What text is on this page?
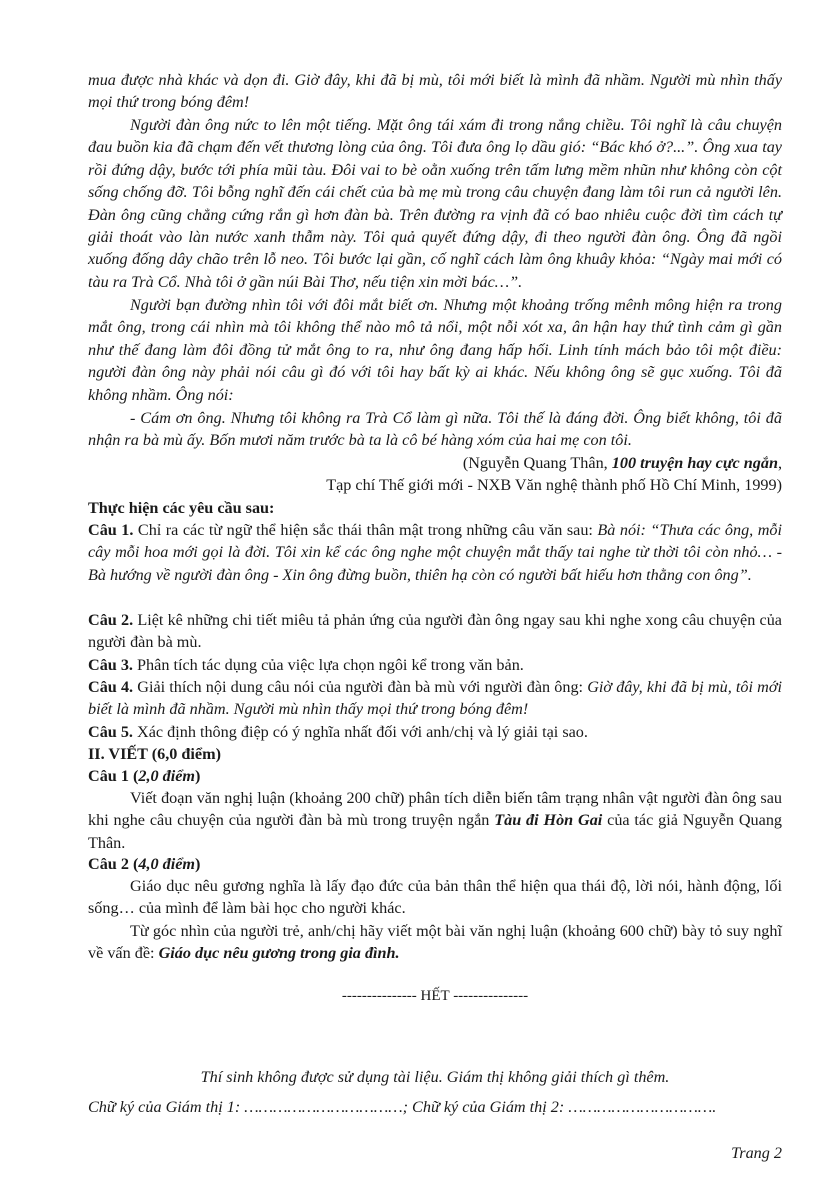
mua được nhà khác và dọn đi. Giờ đây, khi đã bị mù, tôi mới biết là mình đã nhầm. Người mù nhìn thấy mọi thứ trong bóng đêm!

Người đàn ông nức to lên một tiếng. Mặt ông tái xám đi trong nắng chiều. Tôi nghĩ là câu chuyện đau buồn kia đã chạm đến vết thương lòng của ông. Tôi đưa ông lọ dầu gió: “Bác khó ở?...”. Ông xua tay rồi đứng dậy, bước tới phía mũi tàu. Đôi vai to bè oằn xuống trên tấm lưng mềm nhũn như không còn cột sống chống đỡ. Tôi bỗng nghĩ đến cái chết của bà mẹ mù trong câu chuyện đang làm tôi run cả người lên. Đàn ông cũng chẳng cứng rắn gì hơn đàn bà. Trên đường ra vịnh đã có bao nhiêu cuộc đời tìm cách tự giải thoát vào làn nước xanh thẫm này. Tôi quả quyết đứng dậy, đi theo người đàn ông. Ông đã ngồi xuống đống dây chão trên lỗ neo. Tôi bước lại gần, cố nghĩ cách làm ông khuây khỏa: “Ngày mai mới có tàu ra Trà Cổ. Nhà tôi ở gần núi Bài Thơ, nếu tiện xin mời bác…”.

Người bạn đường nhìn tôi với đôi mắt biết ơn. Nhưng một khoảng trống mênh mông hiện ra trong mắt ông, trong cái nhìn mà tôi không thể nào mô tả nổi, một nỗi xót xa, ân hận hay thứ tình cảm gì gần như thế đang làm đôi đồng tử mắt ông to ra, như ông đang hấp hối. Linh tính mách bảo tôi một điều: người đàn ông này phải nói câu gì đó với tôi hay bất kỳ ai khác. Nếu không ông sẽ gục xuống. Tôi đã không nhầm. Ông nói:

- Cám ơn ông. Nhưng tôi không ra Trà Cổ làm gì nữa. Tôi thế là đáng đời. Ông biết không, tôi đã nhận ra bà mù ấy. Bốn mươi năm trước bà ta là cô bé hàng xóm của hai mẹ con tôi.

(Nguyễn Quang Thân, 100 truyện hay cực ngắn,
Tạp chí Thế giới mới - NXB Văn nghệ thành phố Hồ Chí Minh, 1999)

Thực hiện các yêu cầu sau:

Câu 1. Chỉ ra các từ ngữ thể hiện sắc thái thân mật trong những câu văn sau: Bà nói: “Thưa các ông, mỗi cây mỗi hoa mới gọi là đời. Tôi xin kể các ông nghe một chuyện mắt thấy tai nghe từ thời tôi còn nhỏ… - Bà hướng về người đàn ông - Xin ông đừng buồn, thiên hạ còn có người bất hiếu hơn thằng con ông”.

Câu 2. Liệt kê những chi tiết miêu tả phản ứng của người đàn ông ngay sau khi nghe xong câu chuyện của người đàn bà mù.

Câu 3. Phân tích tác dụng của việc lựa chọn ngôi kể trong văn bản.

Câu 4. Giải thích nội dung câu nói của người đàn bà mù với người đàn ông: Giờ đây, khi đã bị mù, tôi mới biết là mình đã nhầm. Người mù nhìn thấy mọi thứ trong bóng đêm!

Câu 5. Xác định thông điệp có ý nghĩa nhất đối với anh/chị và lý giải tại sao.

II. VIẾT (6,0 điểm)

Câu 1 (2,0 điểm)

Viết đoạn văn nghị luận (khoảng 200 chữ) phân tích diễn biến tâm trạng nhân vật người đàn ông sau khi nghe câu chuyện của người đàn bà mù trong truyện ngắn Tàu đi Hòn Gai của tác giả Nguyễn Quang Thân.

Câu 2 (4,0 điểm)

Giáo dục nêu gương nghĩa là lấy đạo đức của bản thân thể hiện qua thái độ, lời nói, hành động, lối sống… của mình để làm bài học cho người khác.

Từ góc nhìn của người trẻ, anh/chị hãy viết một bài văn nghị luận (khoảng 600 chữ) bày tỏ suy nghĩ về vấn đề: Giáo dục nêu gương trong gia đình.

--------------- HẾT ---------------

Thí sinh không được sử dụng tài liệu. Giám thị không giải thích gì thêm.

Chữ ký của Giám thị 1: ……………………………; Chữ ký của Giám thị 2: ………………………….

Trang 2
